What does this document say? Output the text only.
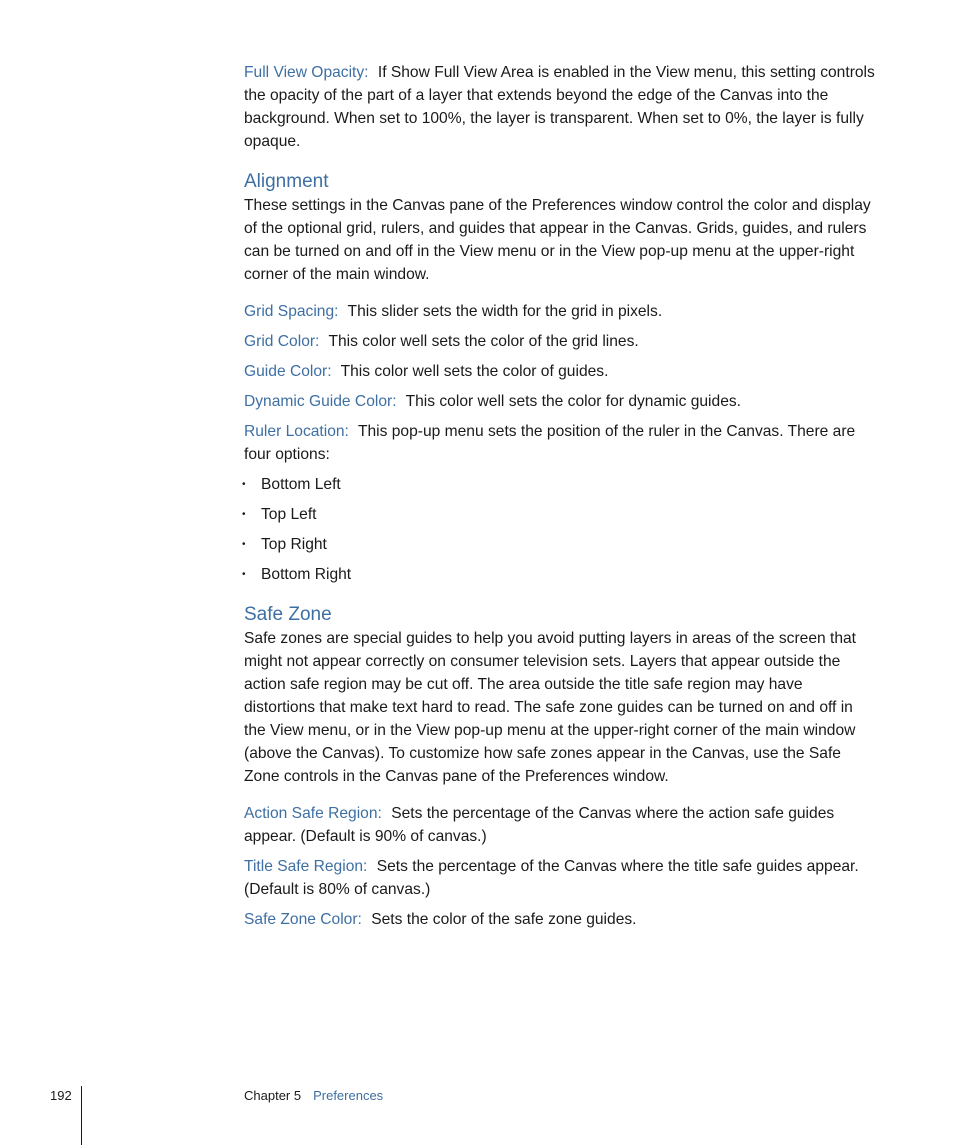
Full View Opacity: If Show Full View Area is enabled in the View menu, this setting controls the opacity of the part of a layer that extends beyond the edge of the Canvas into the background. When set to 100%, the layer is transparent. When set to 0%, the layer is fully opaque.

Alignment

These settings in the Canvas pane of the Preferences window control the color and display of the optional grid, rulers, and guides that appear in the Canvas. Grids, guides, and rulers can be turned on and off in the View menu or in the View pop-up menu at the upper-right corner of the main window.

Grid Spacing: This slider sets the width for the grid in pixels.

Grid Color: This color well sets the color of the grid lines.

Guide Color: This color well sets the color of guides.

Dynamic Guide Color: This color well sets the color for dynamic guides.

Ruler Location: This pop-up menu sets the position of the ruler in the Canvas. There are four options:

• Bottom Left
• Top Left
• Top Right
• Bottom Right
Safe Zone

Safe zones are special guides to help you avoid putting layers in areas of the screen that might not appear correctly on consumer television sets. Layers that appear outside the action safe region may be cut off. The area outside the title safe region may have distortions that make text hard to read. The safe zone guides can be turned on and off in the View menu, or in the View pop-up menu at the upper-right corner of the main window (above the Canvas). To customize how safe zones appear in the Canvas, use the Safe Zone controls in the Canvas pane of the Preferences window.

Action Safe Region: Sets the percentage of the Canvas where the action safe guides appear. (Default is 90% of canvas.)

Title Safe Region: Sets the percentage of the Canvas where the title safe guides appear. (Default is 80% of canvas.)

Safe Zone Color: Sets the color of the safe zone guides.

192	Chapter 5 Preferences
